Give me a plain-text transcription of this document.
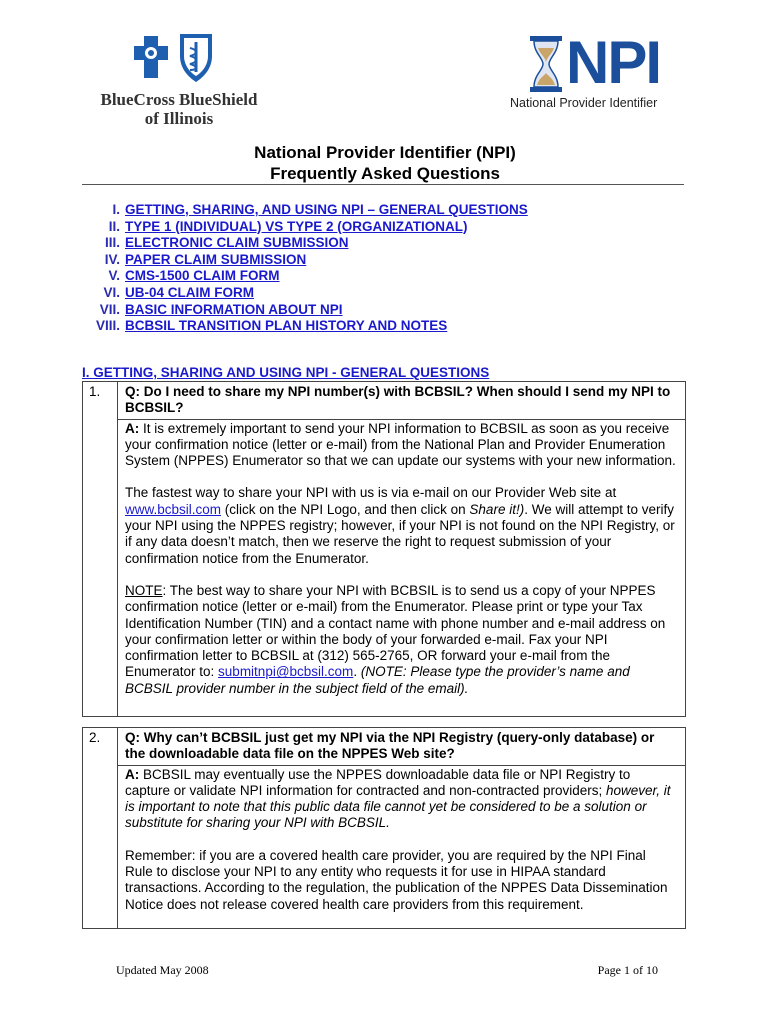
BlueCross BlueShield
of Illinois
NPI
National Provider Identifier
National Provider Identifier (NPI)
Frequently Asked Questions
I. GETTING, SHARING, AND USING NPI – GENERAL QUESTIONS
II. TYPE 1 (INDIVIDUAL) VS TYPE 2 (ORGANIZATIONAL)
III. ELECTRONIC CLAIM SUBMISSION
IV. PAPER CLAIM SUBMISSION
V. CMS-1500 CLAIM FORM
VI. UB-04 CLAIM FORM
VII. BASIC INFORMATION ABOUT NPI
VIII. BCBSIL TRANSITION PLAN HISTORY AND NOTES
I. GETTING, SHARING AND USING NPI - GENERAL QUESTIONS
1.	Q: Do I need to share my NPI number(s) with BCBSIL? When should I send my NPI to BCBSIL?

A: It is extremely important to send your NPI information to BCBSIL as soon as you receive your confirmation notice (letter or e-mail) from the National Plan and Provider Enumeration System (NPPES) Enumerator so that we can update our systems with your new information.

The fastest way to share your NPI with us is via e-mail on our Provider Web site at www.bcbsil.com (click on the NPI Logo, and then click on Share it!). We will attempt to verify your NPI using the NPPES registry; however, if your NPI is not found on the NPI Registry, or if any data doesn’t match, then we reserve the right to request submission of your confirmation notice from the Enumerator.

NOTE: The best way to share your NPI with BCBSIL is to send us a copy of your NPPES confirmation notice (letter or e-mail) from the Enumerator. Please print or type your Tax Identification Number (TIN) and a contact name with phone number and e-mail address on your confirmation letter or within the body of your forwarded e-mail. Fax your NPI confirmation letter to BCBSIL at (312) 565-2765, OR forward your e-mail from the Enumerator to: submitnpi@bcbsil.com. (NOTE: Please type the provider’s name and BCBSIL provider number in the subject field of the email).

2.	Q: Why can’t BCBSIL just get my NPI via the NPI Registry (query-only database) or the downloadable data file on the NPPES Web site?

A: BCBSIL may eventually use the NPPES downloadable data file or NPI Registry to capture or validate NPI information for contracted and non-contracted providers; however, it is important to note that this public data file cannot yet be considered to be a solution or substitute for sharing your NPI with BCBSIL.

Remember: if you are a covered health care provider, you are required by the NPI Final Rule to disclose your NPI to any entity who requests it for use in HIPAA standard transactions. According to the regulation, the publication of the NPPES Data Dissemination Notice does not release covered health care providers from this requirement.

Updated May 2008	Page 1 of 10
